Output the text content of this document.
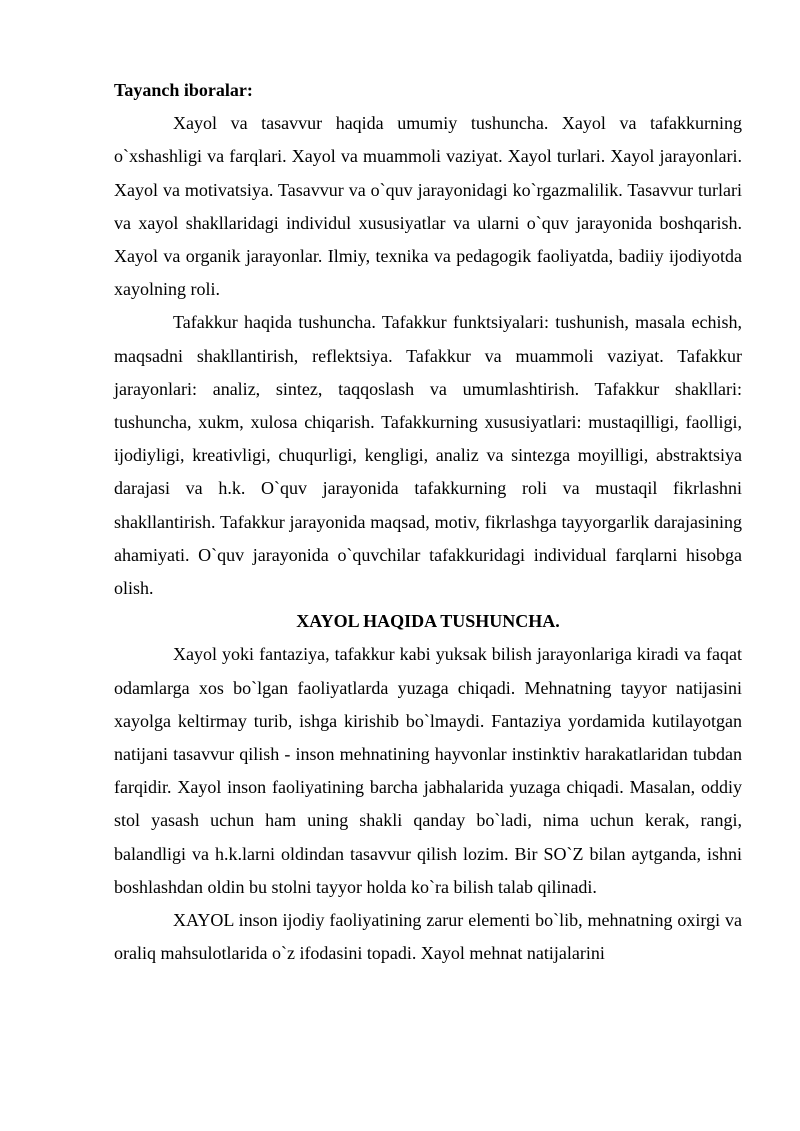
Tayanch iboralar:

Xayol va tasavvur haqida umumiy tushuncha. Xayol va tafakkurning o`xshashligi va farqlari. Xayol va muammoli vaziyat. Xayol turlari. Xayol jarayonlari. Xayol va motivatsiya. Tasavvur va o`quv jarayonidagi ko`rgazmalilik. Tasavvur turlari va xayol shakllaridagi individul xususiyatlar va ularni o`quv jarayonida boshqarish. Xayol va organik jarayonlar. Ilmiy, texnika va pedagogik faoliyatda, badiiy ijodiyotda xayolning roli.

Tafakkur haqida tushuncha. Tafakkur funktsiyalari: tushunish, masala echish, maqsadni shakllantirish, reflektsiya. Tafakkur va muammoli vaziyat. Tafakkur jarayonlari: analiz, sintez, taqqoslash va umumlashtirish. Tafakkur shakllari: tushuncha, xukm, xulosa chiqarish. Tafakkurning xususiyatlari: mustaqilligi, faolligi, ijodiyligi, kreativligi, chuqurligi, kengligi, analiz va sintezga moyilligi, abstraktsiya darajasi va h.k. O`quv jarayonida tafakkurning roli va mustaqil fikrlashni shakllantirish. Tafakkur jarayonida maqsad, motiv, fikrlashga tayyorgarlik darajasining ahamiyati. O`quv jarayonida o`quvchilar tafakkuridagi individual farqlarni hisobga olish.

XAYOL HAQIDA TUSHUNCHA.

Xayol yoki fantaziya, tafakkur kabi yuksak bilish jarayonlariga kiradi va faqat odamlarga xos bo`lgan faoliyatlarda yuzaga chiqadi. Mehnatning tayyor natijasini xayolga keltirmay turib, ishga kirishib bo`lmaydi. Fantaziya yordamida kutilayotgan natijani tasavvur qilish - inson mehnatining hayvonlar instinktiv harakatlaridan tubdan farqidir. Xayol inson faoliyatining barcha jabhalarida yuzaga chiqadi. Masalan, oddiy stol yasash uchun ham uning shakli qanday bo`ladi, nima uchun kerak, rangi, balandligi va h.k.larni oldindan tasavvur qilish lozim. Bir SO`Z bilan aytganda, ishni boshlashdan oldin bu stolni tayyor holda ko`ra bilish talab qilinadi.

XAYOL inson ijodiy faoliyatining zarur elementi bo`lib, mehnatning oxirgi va oraliq mahsulotlarida o`z ifodasini topadi. Xayol mehnat natijalarini
